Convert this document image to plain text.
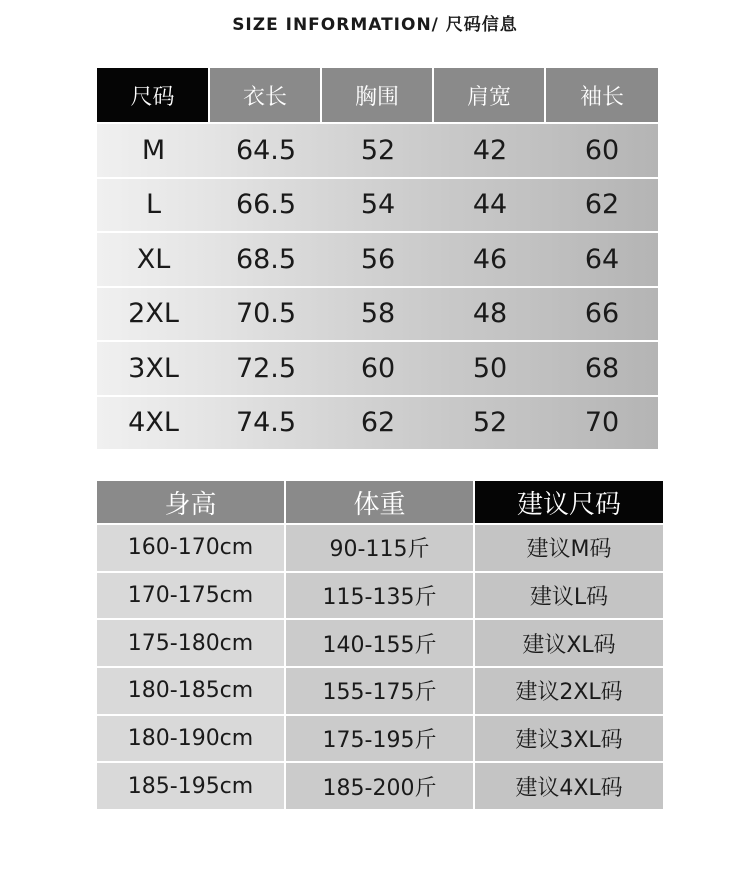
SIZE INFORMATION/ 尺码信息
尺码	衣长	胸围	肩宽	袖长
M	64.5	52	42	60
L	66.5	54	44	62
XL	68.5	56	46	64
2XL	70.5	58	48	66
3XL	72.5	60	50	68
4XL	74.5	62	52	70
身高	体重	建议尺码
160-170cm	90-115斤	建议M码
170-175cm	115-135斤	建议L码
175-180cm	140-155斤	建议XL码
180-185cm	155-175斤	建议2XL码
180-190cm	175-195斤	建议3XL码
185-195cm	185-200斤	建议4XL码
